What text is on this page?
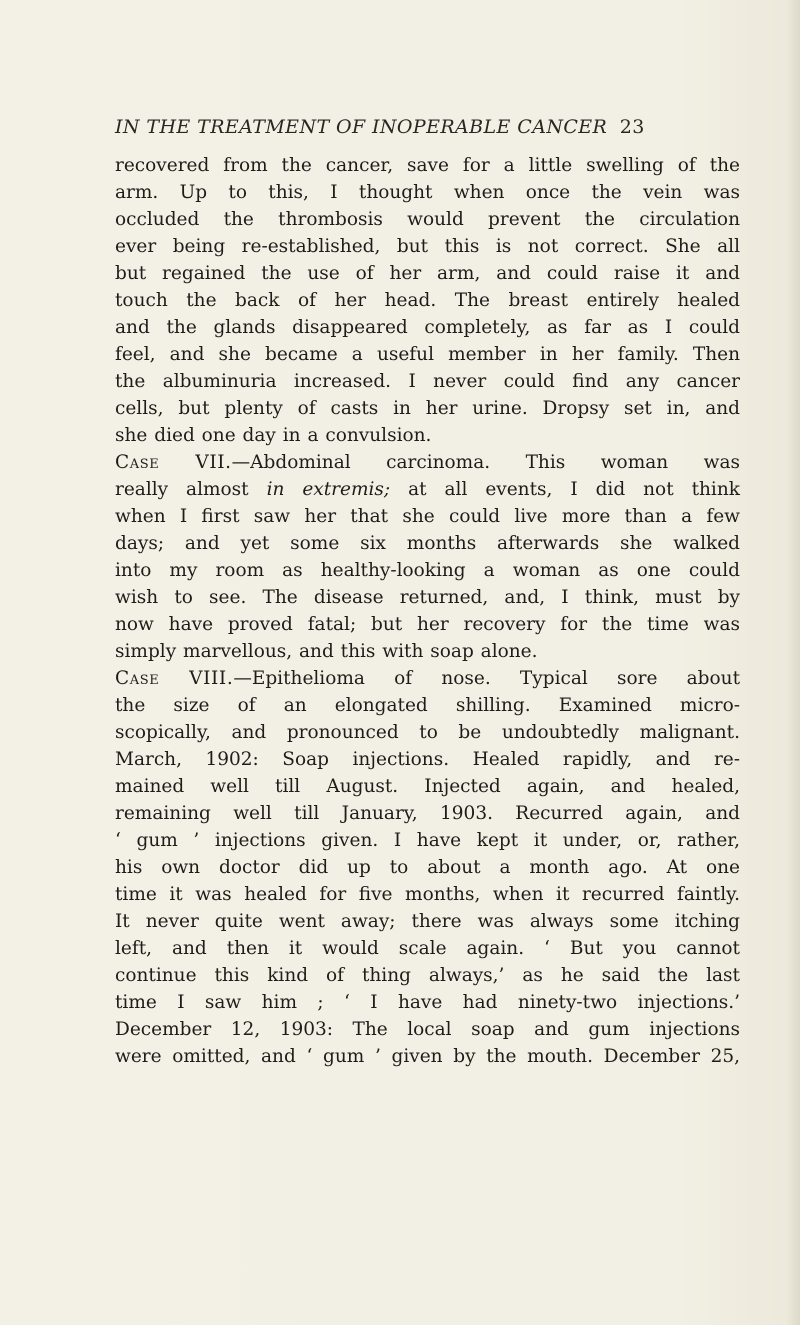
IN THE TREATMENT OF INOPERABLE CANCER 23
recovered from the cancer, save for a little swelling of the
arm. Up to this, I thought when once the vein was
occluded the thrombosis would prevent the circulation
ever being re-established, but this is not correct. She all
but regained the use of her arm, and could raise it and
touch the back of her head. The breast entirely healed
and the glands disappeared completely, as far as I could
feel, and she became a useful member in her family. Then
the albuminuria increased. I never could find any cancer
cells, but plenty of casts in her urine. Dropsy set in, and
she died one day in a convulsion.
Case VII.—Abdominal carcinoma. This woman was
really almost in extremis; at all events, I did not think
when I first saw her that she could live more than a few
days; and yet some six months afterwards she walked
into my room as healthy-looking a woman as one could
wish to see. The disease returned, and, I think, must by
now have proved fatal; but her recovery for the time was
simply marvellous, and this with soap alone.
Case VIII.—Epithelioma of nose. Typical sore about
the size of an elongated shilling. Examined micro-
scopically, and pronounced to be undoubtedly malignant.
March, 1902: Soap injections. Healed rapidly, and re-
mained well till August. Injected again, and healed,
remaining well till January, 1903. Recurred again, and
‘ gum ’ injections given. I have kept it under, or, rather,
his own doctor did up to about a month ago. At one
time it was healed for five months, when it recurred faintly.
It never quite went away; there was always some itching
left, and then it would scale again. ‘ But you cannot
continue this kind of thing always,’ as he said the last
time I saw him ; ‘ I have had ninety-two injections.’
December 12, 1903: The local soap and gum injections
were omitted, and ‘ gum ’ given by the mouth. December 25,
